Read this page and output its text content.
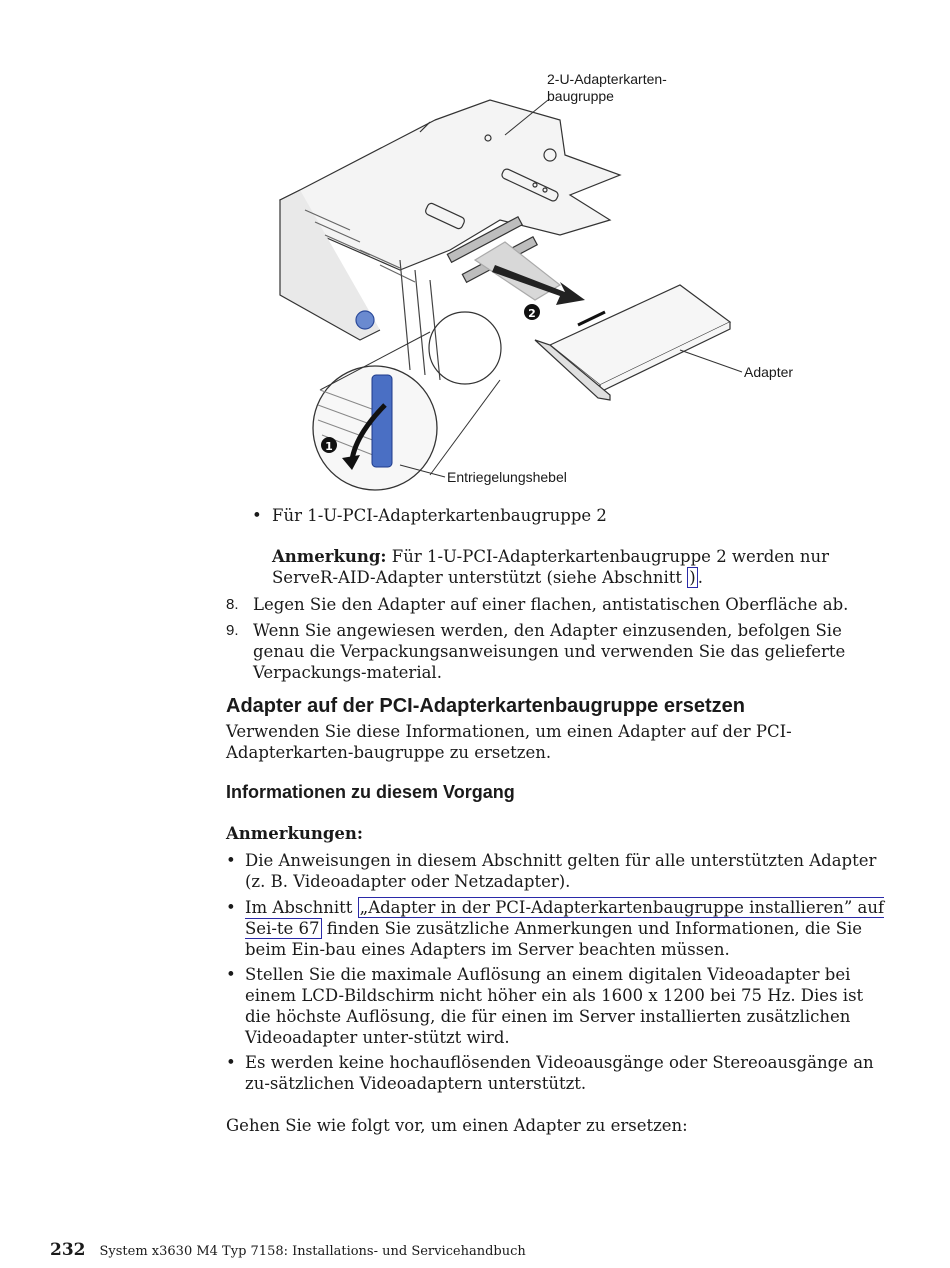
2
1
2-U-Adapterkarten-
baugruppe
Adapter
Entriegelungshebel
• Für 1-U-PCI-Adapterkartenbaugruppe 2
Anmerkung: Für 1-U-PCI-Adapterkartenbaugruppe 2 werden nur ServeR-AID-Adapter unterstützt (siehe Abschnitt ) .
8. Legen Sie den Adapter auf einer flachen, antistatischen Oberfläche ab.
9. Wenn Sie angewiesen werden, den Adapter einzusenden, befolgen Sie genau die Verpackungsanweisungen und verwenden Sie das gelieferte Verpackungs-material.
Adapter auf der PCI-Adapterkartenbaugruppe ersetzen
Verwenden Sie diese Informationen, um einen Adapter auf der PCI-Adapterkarten-baugruppe zu ersetzen.
Informationen zu diesem Vorgang
Anmerkungen:
• Die Anweisungen in diesem Abschnitt gelten für alle unterstützten Adapter (z. B. Videoadapter oder Netzadapter).
• Im Abschnitt „Adapter in der PCI-Adapterkartenbaugruppe installieren” auf Sei-te 67 finden Sie zusätzliche Anmerkungen und Informationen, die Sie beim Ein-bau eines Adapters im Server beachten müssen.
• Stellen Sie die maximale Auflösung an einem digitalen Videoadapter bei einem LCD-Bildschirm nicht höher ein als 1600 x 1200 bei 75 Hz. Dies ist die höchste Auflösung, die für einen im Server installierten zusätzlichen Videoadapter unter-stützt wird.
• Es werden keine hochauflösenden Videoausgänge oder Stereoausgänge an zu-sätzlichen Videoadaptern unterstützt.
Gehen Sie wie folgt vor, um einen Adapter zu ersetzen:
232 System x3630 M4 Typ 7158: Installations- und Servicehandbuch
